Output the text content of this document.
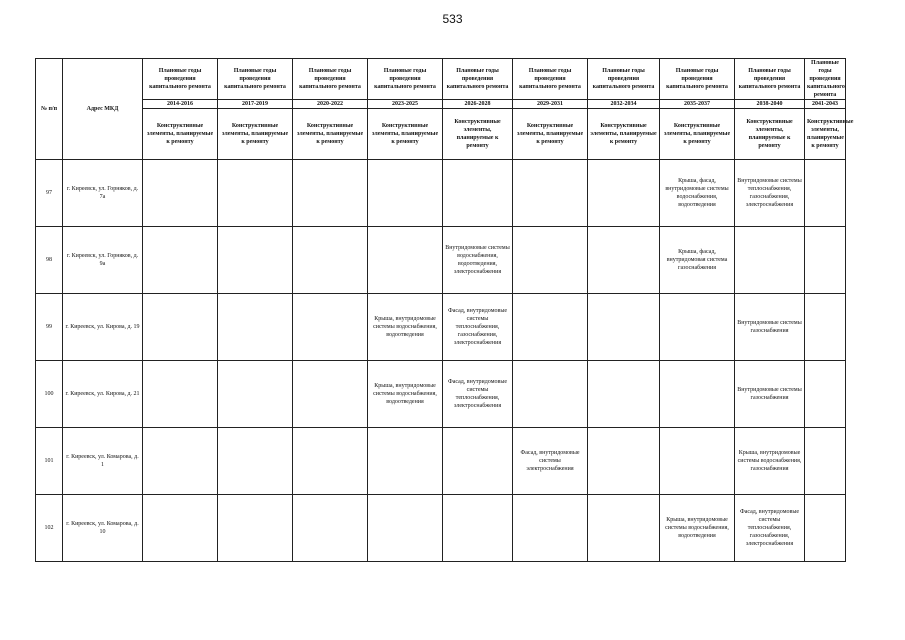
533
№ п/п	Адрес МКД	Плановые годы проведения капитального ремонта	Плановые годы проведения капитального ремонта	Плановые годы проведения капитального ремонта	Плановые годы проведения капитального ремонта	Плановые годы проведения капитального ремонта	Плановые годы проведения капитального ремонта	Плановые годы проведения капитального ремонта	Плановые годы проведения капитального ремонта	Плановые годы проведения капитального ремонта	Плановые годы проведения капитального ремонта
		2014-2016	2017-2019	2020-2022	2023-2025	2026-2028	2029-2031	2032-2034	2035-2037	2038-2040	2041-2043
		Конструктивные элементы, планируемые к ремонту	Конструктивные элементы, планируемые к ремонту	Конструктивные элементы, планируемые к ремонту	Конструктивные элементы, планируемые к ремонту	Конструктивные элементы, планируемые к ремонту	Конструктивные элементы, планируемые к ремонту	Конструктивные элементы, планируемые к ремонту	Конструктивные элементы, планируемые к ремонту	Конструктивные элементы, планируемые к ремонту	Конструктивные элементы, планируемые к ремонту
97	г. Киреевск, ул. Горняков, д. 7а								Крыша, фасад, внутридомовые системы водоснабжения, водоотведения	Внутридомовые системы теплоснабжения, газоснабжения, электроснабжения	
98	г. Киреевск, ул. Горняков, д. 9а					Внутридомовые системы водоснабжения, водоотведения, электроснабжения			Крыша, фасад, внутридомовая система газоснабжения		
99	г. Киреевск, ул. Кирова, д. 19				Крыша, внутридомовые системы водоснабжения, водоотведения	Фасад, внутридомовые системы теплоснабжения, газоснабжения, электроснабжения				Внутридомовые системы газоснабжения	
100	г. Киреевск, ул. Кирова, д. 21				Крыша, внутридомовые системы водоснабжения, водоотведения	Фасад, внутридомовые системы теплоснабжения, электроснабжения				Внутридомовые системы газоснабжения	
101	г. Киреевск, ул. Комарова, д. 1						Фасад, внутридомовые системы электроснабжения			Крыша, внутридомовые системы водоснабжения, газоснабжения	
102	г. Киреевск, ул. Комарова, д. 10								Крыша, внутридомовые системы водоснабжения, водоотведения	Фасад, внутридомовые системы теплоснабжения, газоснабжения, электроснабжения	
